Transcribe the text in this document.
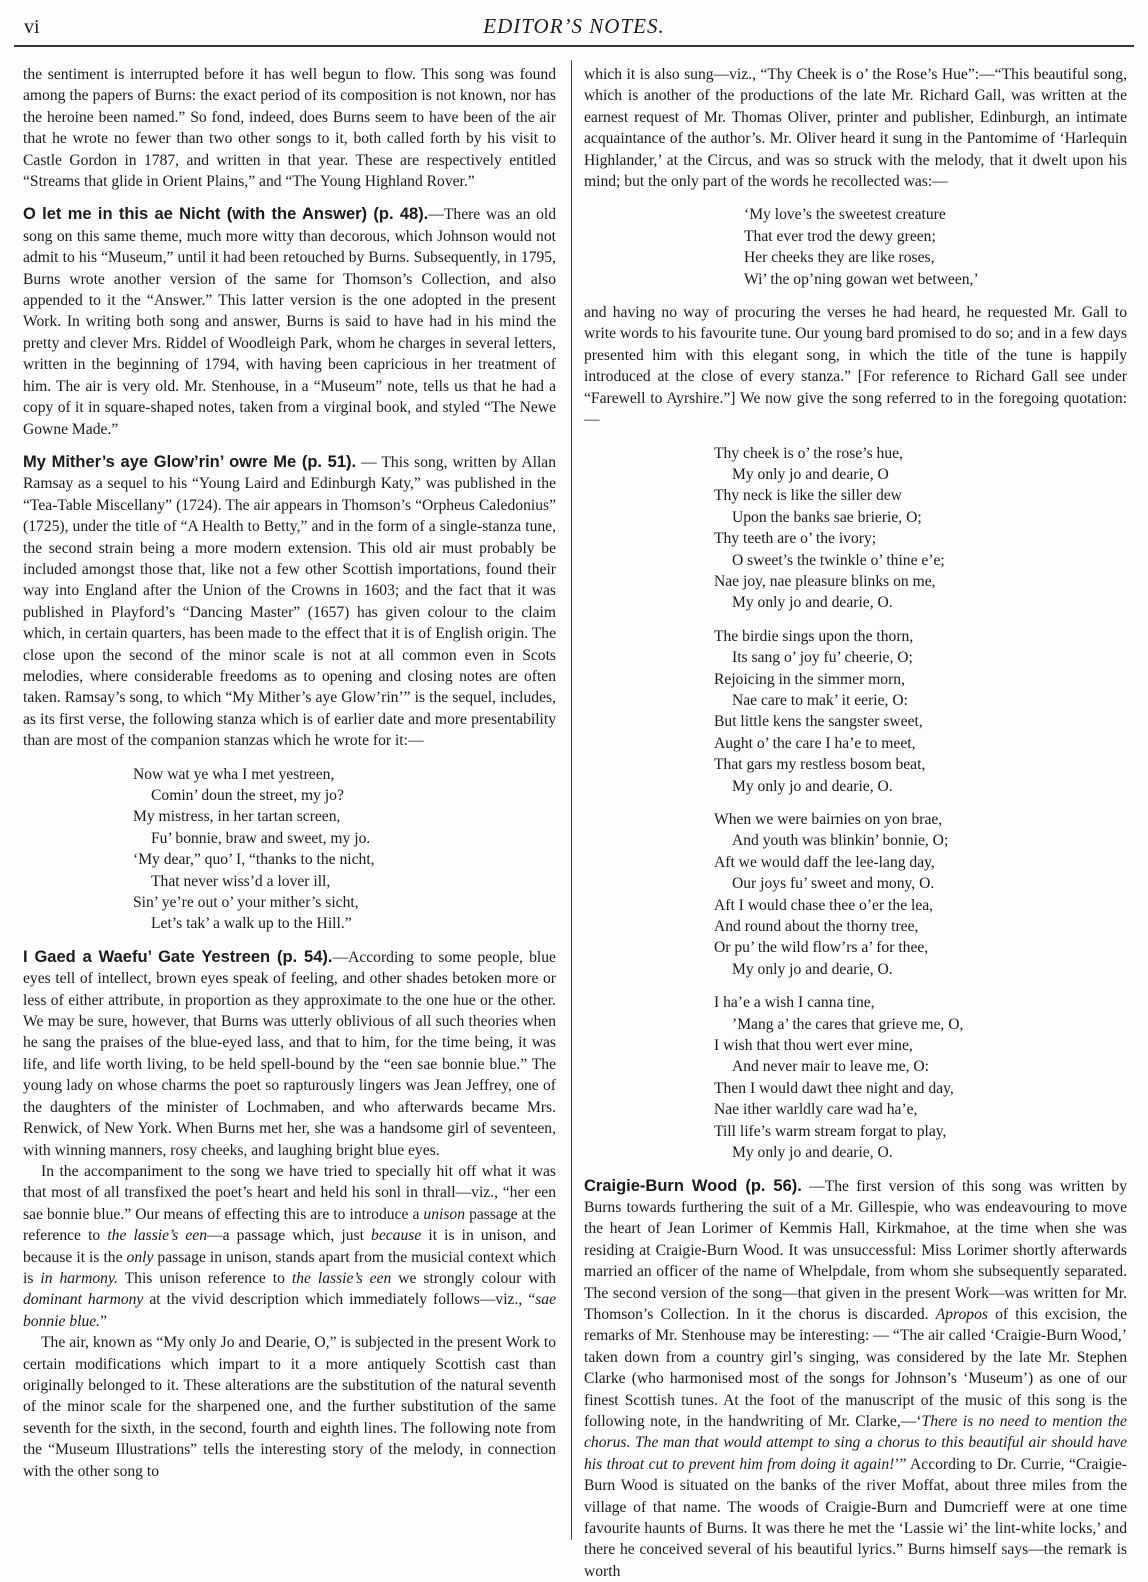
vi	EDITOR’S NOTES.

the sentiment is interrupted before it has well begun to flow. This song was found among the papers of Burns: the exact period of its composition is not known, nor has the heroine been named.” So fond, indeed, does Burns seem to have been of the air that he wrote no fewer than two other songs to it, both called forth by his visit to Castle Gordon in 1787, and written in that year. These are respectively entitled “Streams that glide in Orient Plains,” and “The Young Highland Rover.”

O let me in this ae Nicht (with the Answer) (p. 48).—There was an old song on this same theme, much more witty than decorous, which Johnson would not admit to his “Museum,” until it had been retouched by Burns. Subsequently, in 1795, Burns wrote another version of the same for Thomson’s Collection, and also appended to it the “Answer.” This latter version is the one adopted in the present Work. In writing both song and answer, Burns is said to have had in his mind the pretty and clever Mrs. Riddel of Woodleigh Park, whom he charges in several letters, written in the beginning of 1794, with having been capricious in her treatment of him. The air is very old. Mr. Stenhouse, in a “Museum” note, tells us that he had a copy of it in square-shaped notes, taken from a virginal book, and styled “The Newe Gowne Made.”

My Mither’s aye Glow’rin’ owre Me (p. 51). — This song, written by Allan Ramsay as a sequel to his “Young Laird and Edinburgh Katy,” was published in the “Tea-Table Miscellany” (1724). The air appears in Thomson’s “Orpheus Caledonius” (1725), under the title of “A Health to Betty,” and in the form of a single-stanza tune, the second strain being a more modern extension. This old air must probably be included amongst those that, like not a few other Scottish importations, found their way into England after the Union of the Crowns in 1603; and the fact that it was published in Playford’s “Dancing Master” (1657) has given colour to the claim which, in certain quarters, has been made to the effect that it is of English origin. The close upon the second of the minor scale is not at all common even in Scots melodies, where considerable freedoms as to opening and closing notes are often taken. Ramsay’s song, to which “My Mither’s aye Glow’rin’” is the sequel, includes, as its first verse, the following stanza which is of earlier date and more presentability than are most of the companion stanzas which he wrote for it:—

Now wat ye wha I met yestreen,
Comin’ doun the street, my jo?
My mistress, in her tartan screen,
Fu’ bonnie, braw and sweet, my jo.
‘My dear,” quo’ I, “thanks to the nicht,
That never wiss’d a lover ill,
Sin’ ye’re out o’ your mither’s sicht,
Let’s tak’ a walk up to the Hill.”

I Gaed a Waefu’ Gate Yestreen (p. 54).—According to some people, blue eyes tell of intellect, brown eyes speak of feeling, and other shades betoken more or less of either attribute, in proportion as they approximate to the one hue or the other. We may be sure, however, that Burns was utterly oblivious of all such theories when he sang the praises of the blue-eyed lass, and that to him, for the time being, it was life, and life worth living, to be held spell-bound by the “een sae bonnie blue.” The young lady on whose charms the poet so rapturously lingers was Jean Jeffrey, one of the daughters of the minister of Lochmaben, and who afterwards became Mrs. Renwick, of New York. When Burns met her, she was a handsome girl of seventeen, with winning manners, rosy cheeks, and laughing bright blue eyes.

In the accompaniment to the song we have tried to specially hit off what it was that most of all transfixed the poet’s heart and held his sonl in thrall—viz., “her een sae bonnie blue.” Our means of effecting this are to introduce a unison passage at the reference to the lassie’s een—a passage which, just because it is in unison, and because it is the only passage in unison, stands apart from the musicial context which is in harmony. This unison reference to the lassie’s een we strongly colour with dominant harmony at the vivid description which immediately follows—viz., “sae bonnie blue.”

The air, known as “My only Jo and Dearie, O,” is subjected in the present Work to certain modifications which impart to it a more antiquely Scottish cast than originally belonged to it. These alterations are the substitution of the natural seventh of the minor scale for the sharpened one, and the further substitution of the same seventh for the sixth, in the second, fourth and eighth lines. The following note from the “Museum Illustrations” tells the interesting story of the melody, in connection with the other song to

which it is also sung—viz., “Thy Cheek is o’ the Rose’s Hue”:—“This beautiful song, which is another of the productions of the late Mr. Richard Gall, was written at the earnest request of Mr. Thomas Oliver, printer and publisher, Edinburgh, an intimate acquaintance of the author’s. Mr. Oliver heard it sung in the Pantomime of ‘Harlequin Highlander,’ at the Circus, and was so struck with the melody, that it dwelt upon his mind; but the only part of the words he recollected was:—

‘My love’s the sweetest creature
That ever trod the dewy green;
Her cheeks they are like roses,
Wi’ the op’ning gowan wet between,’

and having no way of procuring the verses he had heard, he requested Mr. Gall to write words to his favourite tune. Our young bard promised to do so; and in a few days presented him with this elegant song, in which the title of the tune is happily introduced at the close of every stanza.” [For reference to Richard Gall see under “Farewell to Ayrshire.”] We now give the song referred to in the foregoing quotation:—

Thy cheek is o’ the rose’s hue,
My only jo and dearie, O
Thy neck is like the siller dew
Upon the banks sae brierie, O;
Thy teeth are o’ the ivory;
O sweet’s the twinkle o’ thine e’e;
Nae joy, nae pleasure blinks on me,
My only jo and dearie, O.
The birdie sings upon the thorn,
Its sang o’ joy fu’ cheerie, O;
Rejoicing in the simmer morn,
Nae care to mak’ it eerie, O:
But little kens the sangster sweet,
Aught o’ the care I ha’e to meet,
That gars my restless bosom beat,
My only jo and dearie, O.
When we were bairnies on yon brae,
And youth was blinkin’ bonnie, O;
Aft we would daff the lee-lang day,
Our joys fu’ sweet and mony, O.
Aft I would chase thee o’er the lea,
And round about the thorny tree,
Or pu’ the wild flow’rs a’ for thee,
My only jo and dearie, O.
I ha’e a wish I canna tine,
’Mang a’ the cares that grieve me, O,
I wish that thou wert ever mine,
And never mair to leave me, O:
Then I would dawt thee night and day,
Nae ither warldly care wad ha’e,
Till life’s warm stream forgat to play,
My only jo and dearie, O.

Craigie-Burn Wood (p. 56). —The first version of this song was written by Burns towards furthering the suit of a Mr. Gillespie, who was endeavouring to move the heart of Jean Lorimer of Kemmis Hall, Kirkmahoe, at the time when she was residing at Craigie-Burn Wood. It was unsuccessful: Miss Lorimer shortly afterwards married an officer of the name of Whelpdale, from whom she subsequently separated. The second version of the song—that given in the present Work—was written for Mr. Thomson’s Collection. In it the chorus is discarded. Apropos of this excision, the remarks of Mr. Stenhouse may be interesting: — “The air called ‘Craigie-Burn Wood,’ taken down from a country girl’s singing, was considered by the late Mr. Stephen Clarke (who harmonised most of the songs for Johnson’s ‘Museum’) as one of our finest Scottish tunes. At the foot of the manuscript of the music of this song is the following note, in the handwriting of Mr. Clarke,—‘There is no need to mention the chorus. The man that would attempt to sing a chorus to this beautiful air should have his throat cut to prevent him from doing it again!’” According to Dr. Currie, “Craigie-Burn Wood is situated on the banks of the river Moffat, about three miles from the village of that name. The woods of Craigie-Burn and Dumcrieff were at one time favourite haunts of Burns. It was there he met the ‘Lassie wi’ the lint-white locks,’ and there he conceived several of his beautiful lyrics.” Burns himself says—the remark is worth
